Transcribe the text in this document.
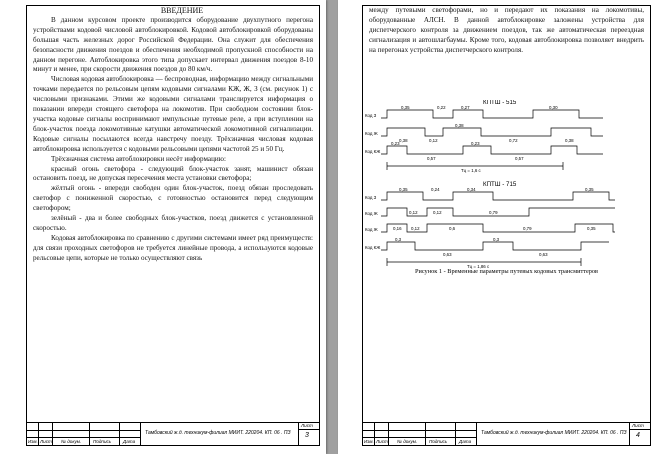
ВВЕДЕНИЕ

В данном курсовом проекте производится оборудование двухпутного перегона устройствами кодовой числовой автоблокировкой. Кодовой автоблокировкой оборудованы большая часть железных дорог Российской Федерации. Она служит для обеспечения безопасности движения поездов и обеспечения необходимой пропускной способности на данном перегоне. Автоблокировка этого типа допускает интервал движения поездов 8-10 минут и менее, при скорости движения поездов до 80 км/ч.

Числовая кодовая автоблокировка — беспроводная, информацию между сигнальными точками передается по рельсовым цепям кодовыми сигналами КЖ, Ж, З (см. рисунок 1) с числовыми признаками. Этими же кодовыми сигналами транслируется информация о показании впереди стоящего светофора на локомотив. При свободном состоянии блок-участка кодовые сигналы воспринимают импульсные путевые реле, а при вступлении на блок-участок поезда локомотивные катушки автоматической локомотивной сигнализации. Кодовые сигналы посылаются всегда навстречу поезду. Трёхзначная числовая кодовая автоблокировка используется с кодовыми рельсовыми цепями частотой 25 и 50 Гц.

Трёхзначная система автоблокировки несёт информацию:

красный огонь светофора - следующий блок-участок занят, машинист обязан остановить поезд, не допуская пересечения места установки светофора;

жёлтый огонь - впереди свободен один блок-участок, поезд обязан проследовать светофор с пониженной скоростью, с готовностью остановится перед следующим светофором;

зелёный - два и более свободных блок-участков, поезд движется с установленной скоростью.

Кодовая автоблокировка по сравнению с другими системами имеет ряд преимуществ: для связи проходных светофоров не требуется линейные провода, а используются кодовые рельсовые цепи, которые не только осуществляют связь

Изм. Лист № докум.	Подпись	Дата
Тамбовский ж.д. техникум-филиал МИИТ. 220204. КП. 06 . ПЗ
Лист
3

между путевыми светофорами, но и передают их показания на локомотивы, оборудованные АЛСН. В данной автоблокировке заложены устройства для диспетчерского контроля за движением поездов, так же автоматическая переездная сигнализация и автошлагбаумы. Кроме того, кодовая автоблокировка позволяет внедрить на перегонах устройства диспетчерского контроля.

КПТШ - 515
КПТШ - 715
Код З
Код Ж
Код КЖ
0,35	0,22	0,27	0,30
0,38	0,12
0,38
0,72	0,38
0,23
0,57
0,23
0,57
Тц = 1,6 с
Код З
Код Ж
Код Ж
Код КЖ
0,35	0,24	0,34	0,35
0,12	0,12	0,79
0,16 0,12	0,6	0,79	0,35
0,3
0,63
0,3
0,63
Тц = 1,86 с
Рисунок 1 - Временные параметры путевых кодовых трансмиттеров
Изм. Лист № докум.	Подпись	Дата
Тамбовский ж.д. техникум-филиал МИИТ. 220204. КП. 06 . ПЗ
Лист
4
